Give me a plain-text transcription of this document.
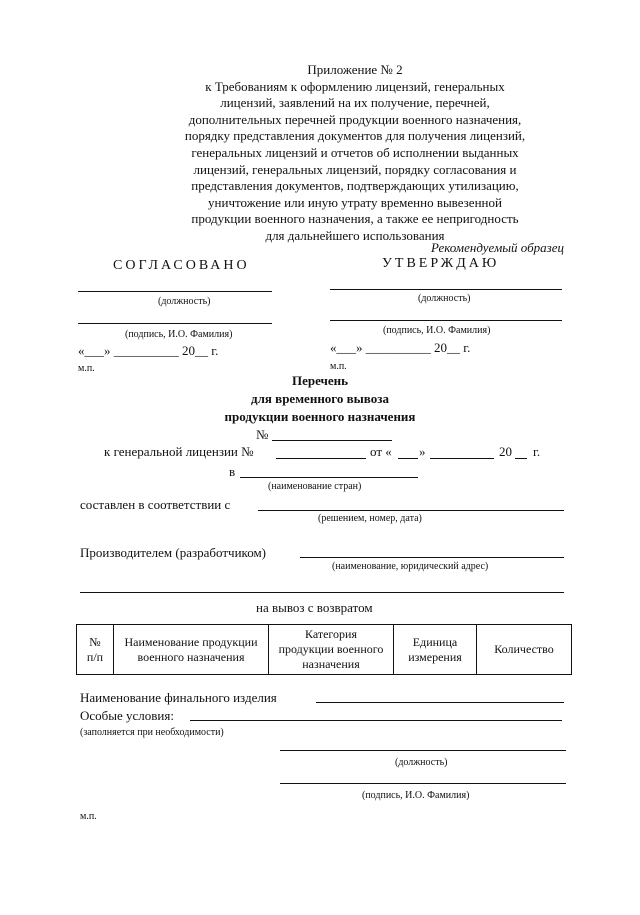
Приложение № 2
к Требованиям к оформлению лицензий, генеральных
лицензий, заявлений на их получение, перечней,
дополнительных перечней продукции военного назначения,
порядку представления документов для получения лицензий,
генеральных лицензий и отчетов об исполнении выданных
лицензий, генеральных лицензий, порядку согласования и
представления документов, подтверждающих утилизацию,
уничтожение или иную утрату временно вывезенной
продукции военного назначения, а также ее непригодность
для дальнейшего использования
Рекомендуемый образец
СОГЛАСОВАНО
(должность)
(подпись, И.О. Фамилия)
«___» __________ 20__ г.
м.п.
УТВЕРЖДАЮ
(должность)
(подпись, И.О. Фамилия)
«___» __________ 20__ г.
м.п.
Перечень
для временного вывоза
продукции военного назначения
№
к генеральной лицензии №	от « »	20 г.
в
(наименование стран)
составлен в соответствии с
(решением, номер, дата)
Производителем (разработчиком)
(наименование, юридический адрес)
на вывоз с возвратом
№
п/п

Наименование продукции
военного назначения

Категория
продукции военного
назначения

Единица
измерения

Количество
Наименование финального изделия
Особые условия:
(заполняется при необходимости)
(должность)
(подпись, И.О. Фамилия)
м.п.
